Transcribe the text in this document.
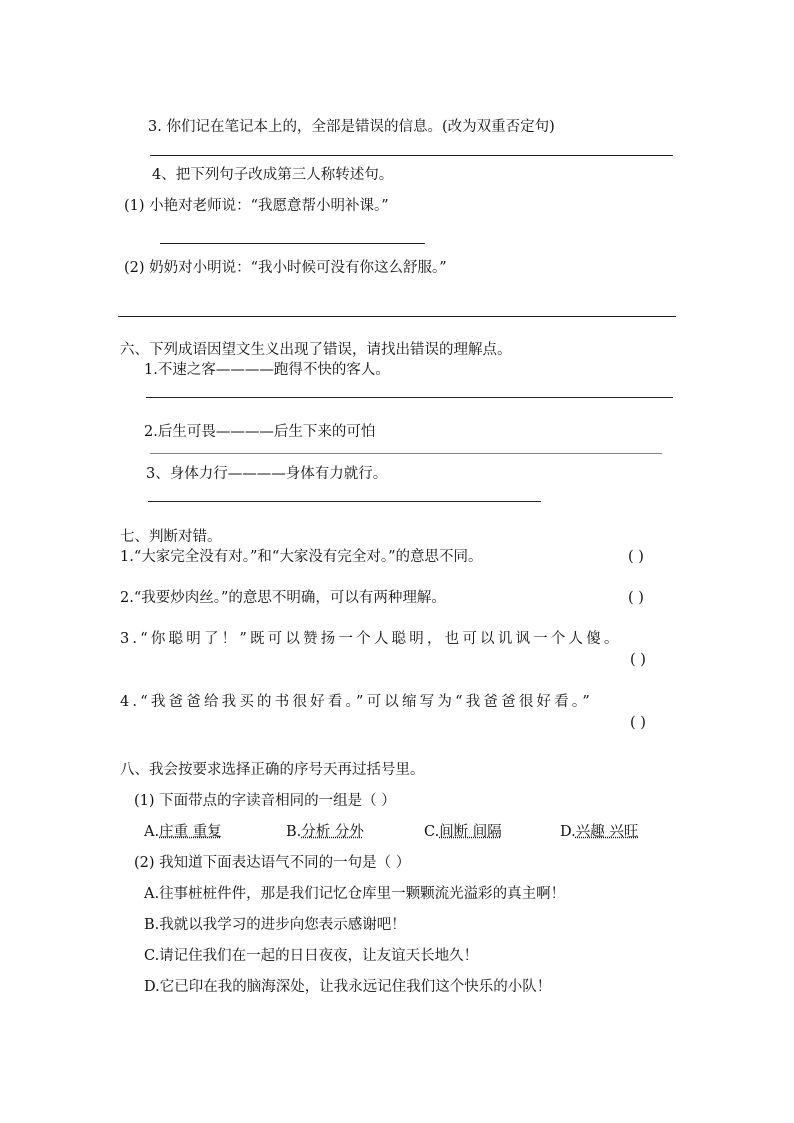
3. 你们记在笔记本上的，全部是错误的信息。(改为双重否定句)
4、把下列句子改成第三人称转述句。
(1) 小艳对老师说：“我愿意帮小明补课。”
(2) 奶奶对小明说：“我小时候可没有你这么舒服。”
六、下列成语因望文生义出现了错误，请找出错误的理解点。
1.不速之客————跑得不快的客人。
2.后生可畏————后生下来的可怕
3、身体力行————身体有力就行。
七、判断对错。
1.“大家完全没有对。”和“大家没有完全对。”的意思不同。	( )
2.“我要炒肉丝。”的意思不明确，可以有两种理解。	( )
3.“你聪明了！”既可以赞扬一个人聪明，也可以讥讽一个人傻。
( )
4.“我爸爸给我买的书很好看。”可以缩写为“我爸爸很好看。”
( )
八、我会按要求选择正确的序号天再过括号里。
(1) 下面带点的字读音相同的一组是（ ）
A.庄重 重复	B.分析 分外	C.间断 间隔	D.兴趣 兴旺
(2) 我知道下面表达语气不同的一句是（ ）
A.往事桩桩件件，那是我们记忆仓库里一颗颗流光溢彩的真主啊！
B.我就以我学习的进步向您表示感谢吧！
C.请记住我们在一起的日日夜夜，让友谊天长地久！
D.它已印在我的脑海深处，让我永远记住我们这个快乐的小队！
